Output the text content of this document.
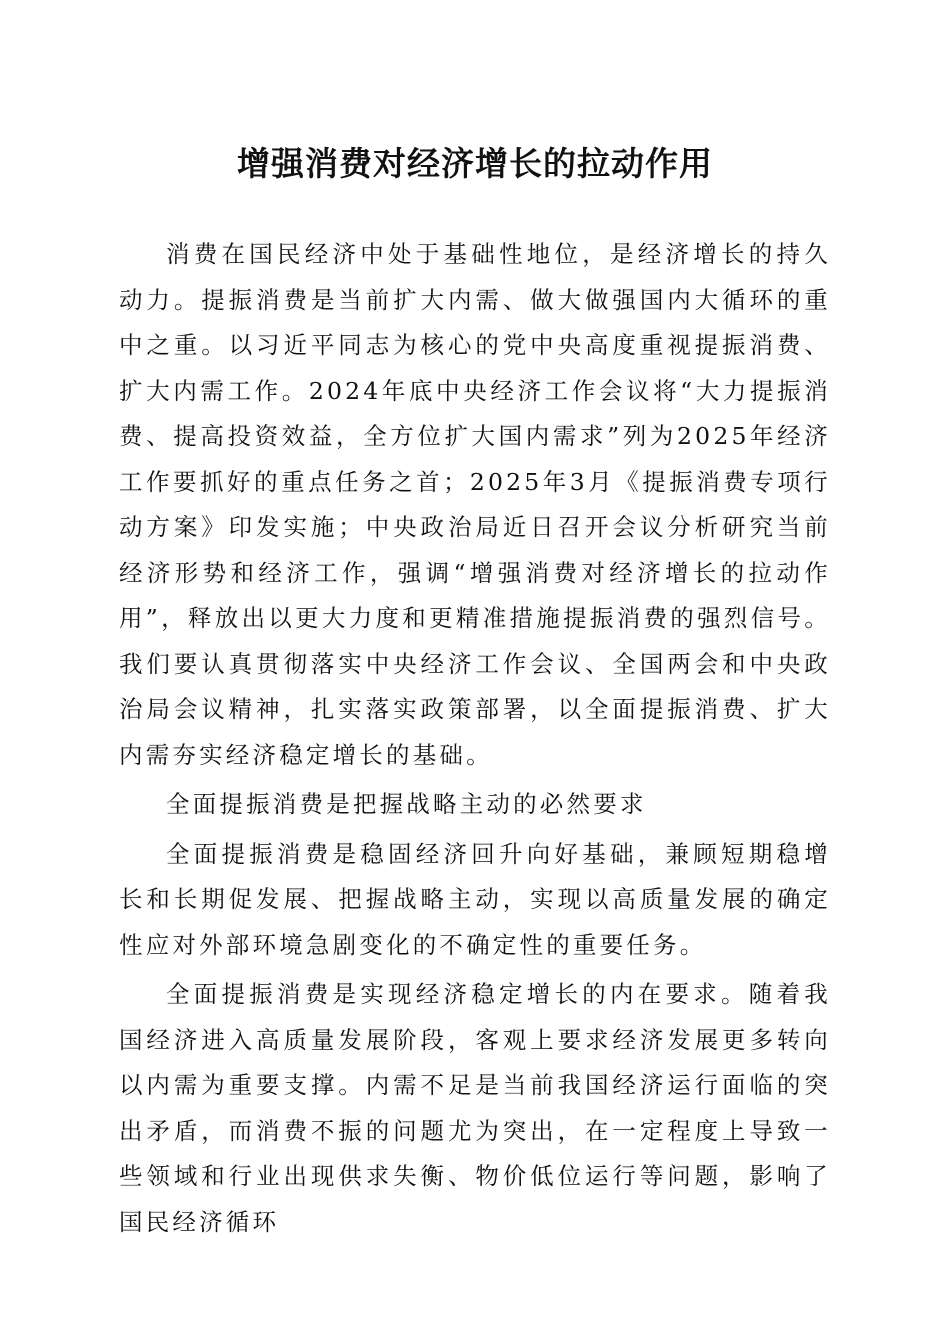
增强消费对经济增长的拉动作用

消费在国民经济中处于基础性地位，是经济增长的持久动力。提振消费是当前扩大内需、做大做强国内大循环的重中之重。以习近平同志为核心的党中央高度重视提振消费、扩大内需工作。2024年底中央经济工作会议将“大力提振消费、提高投资效益，全方位扩大国内需求”列为2025年经济工作要抓好的重点任务之首；2025年3月《提振消费专项行动方案》印发实施；中央政治局近日召开会议分析研究当前经济形势和经济工作，强调“增强消费对经济增长的拉动作用”，释放出以更大力度和更精准措施提振消费的强烈信号。我们要认真贯彻落实中央经济工作会议、全国两会和中央政治局会议精神，扎实落实政策部署，以全面提振消费、扩大内需夯实经济稳定增长的基础。

全面提振消费是把握战略主动的必然要求

全面提振消费是稳固经济回升向好基础，兼顾短期稳增长和长期促发展、把握战略主动，实现以高质量发展的确定性应对外部环境急剧变化的不确定性的重要任务。

全面提振消费是实现经济稳定增长的内在要求。随着我国经济进入高质量发展阶段，客观上要求经济发展更多转向以内需为重要支撑。内需不足是当前我国经济运行面临的突出矛盾，而消费不振的问题尤为突出，在一定程度上导致一些领域和行业出现供求失衡、物价低位运行等问题，影响了国民经济循环
